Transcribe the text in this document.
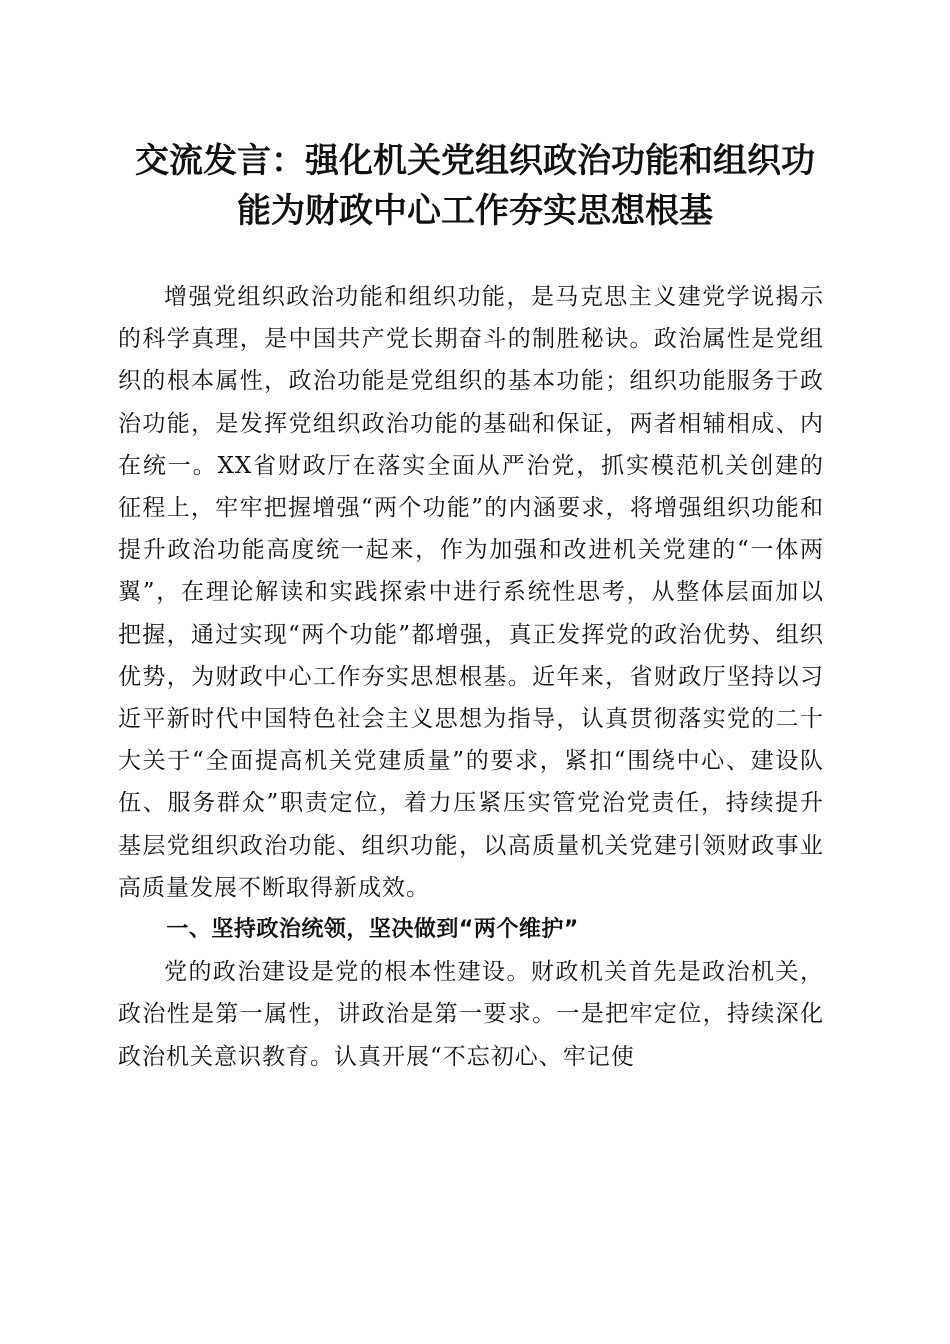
交流发言：强化机关党组织政治功能和组织功
能为财政中心工作夯实思想根基

增强党组织政治功能和组织功能，是马克思主义建党学说揭示的科学真理，是中国共产党长期奋斗的制胜秘诀。政治属性是党组织的根本属性，政治功能是党组织的基本功能；组织功能服务于政治功能，是发挥党组织政治功能的基础和保证，两者相辅相成、内在统一。XX省财政厅在落实全面从严治党，抓实模范机关创建的征程上，牢牢把握增强“两个功能”的内涵要求，将增强组织功能和提升政治功能高度统一起来，作为加强和改进机关党建的“一体两翼”，在理论解读和实践探索中进行系统性思考，从整体层面加以把握，通过实现“两个功能”都增强，真正发挥党的政治优势、组织优势，为财政中心工作夯实思想根基。近年来，省财政厅坚持以习近平新时代中国特色社会主义思想为指导，认真贯彻落实党的二十大关于“全面提高机关党建质量”的要求，紧扣“围绕中心、建设队伍、服务群众”职责定位，着力压紧压实管党治党责任，持续提升基层党组织政治功能、组织功能，以高质量机关党建引领财政事业高质量发展不断取得新成效。

一、坚持政治统领，坚决做到“两个维护”

党的政治建设是党的根本性建设。财政机关首先是政治机关，政治性是第一属性，讲政治是第一要求。一是把牢定位，持续深化政治机关意识教育。认真开展“不忘初心、牢记使
